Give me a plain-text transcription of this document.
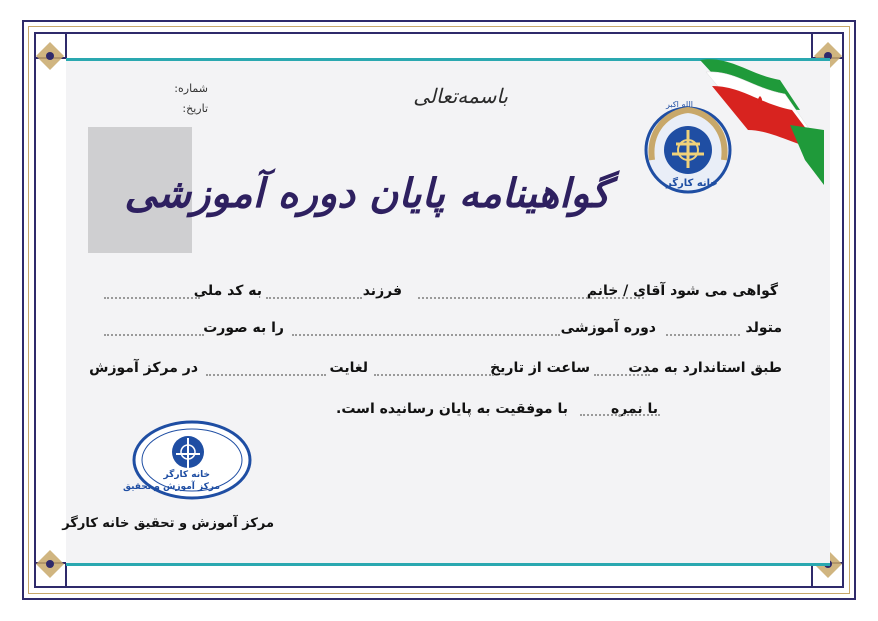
خانه کارگر
الله اکبر
شماره:
تاریخ:
باسمه‌تعالی
گواهینامه پایان دوره آموزشی
گواهی می شود آقای / خانم
فرزند
به کد ملی
متولد
دوره آموزشی
را به صورت
طبق استاندارد به مدت
ساعت از تاریخ
لغایت
در مرکز آموزش
با نمره
با موفقیت به پایان رسانیده است.
خانه کارگر
مرکز آموزش و تحقیق
مرکز آموزش و تحقیق خانه کارگر
